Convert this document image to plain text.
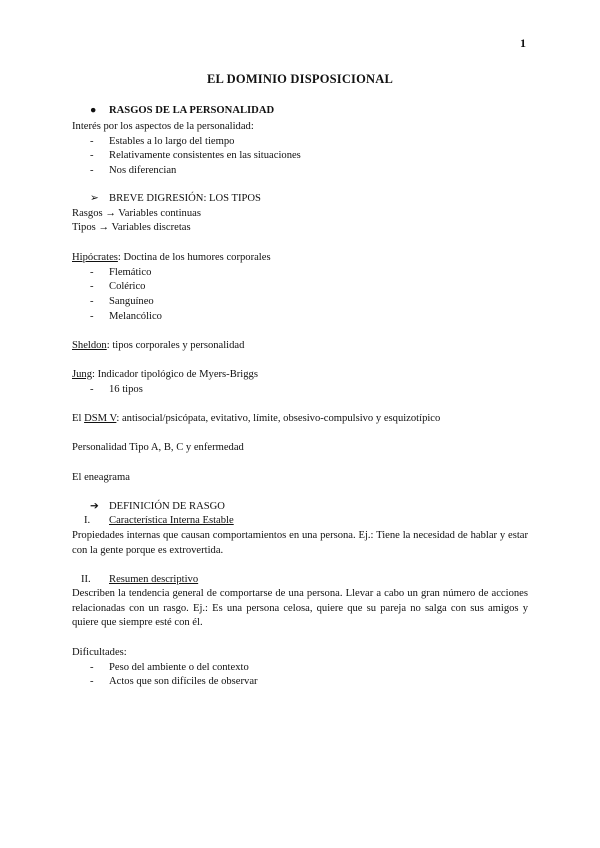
1
EL DOMINIO DISPOSICIONAL
● RASGOS DE LA PERSONALIDAD
Interés por los aspectos de la personalidad:
- Estables a lo largo del tiempo
- Relativamente consistentes en las situaciones
- Nos diferencian
➢ BREVE DIGRESIÓN: LOS TIPOS
Rasgos → Variables continuas
Tipos → Variables discretas
Hipócrates: Doctina de los humores corporales
- Flemático
- Colérico
- Sanguíneo
- Melancólico
Sheldon: tipos corporales y personalidad
Jung: Indicador tipológico de Myers-Briggs
- 16 tipos
El DSM V: antisocial/psicópata, evitativo, límite, obsesivo-compulsivo y esquizotípico
Personalidad Tipo A, B, C y enfermedad
El eneagrama
➔ DEFINICIÓN DE RASGO
I. Característica Interna Estable
Propiedades internas que causan comportamientos en una persona. Ej.: Tiene la necesidad de hablar y estar con la gente porque es extrovertida.
II. Resumen descriptivo
Describen la tendencia general de comportarse de una persona. Llevar a cabo un gran número de acciones relacionadas con un rasgo. Ej.: Es una persona celosa, quiere que su pareja no salga con sus amigos y quiere que siempre esté con él.
Dificultades:
- Peso del ambiente o del contexto
- Actos que son difíciles de observar
